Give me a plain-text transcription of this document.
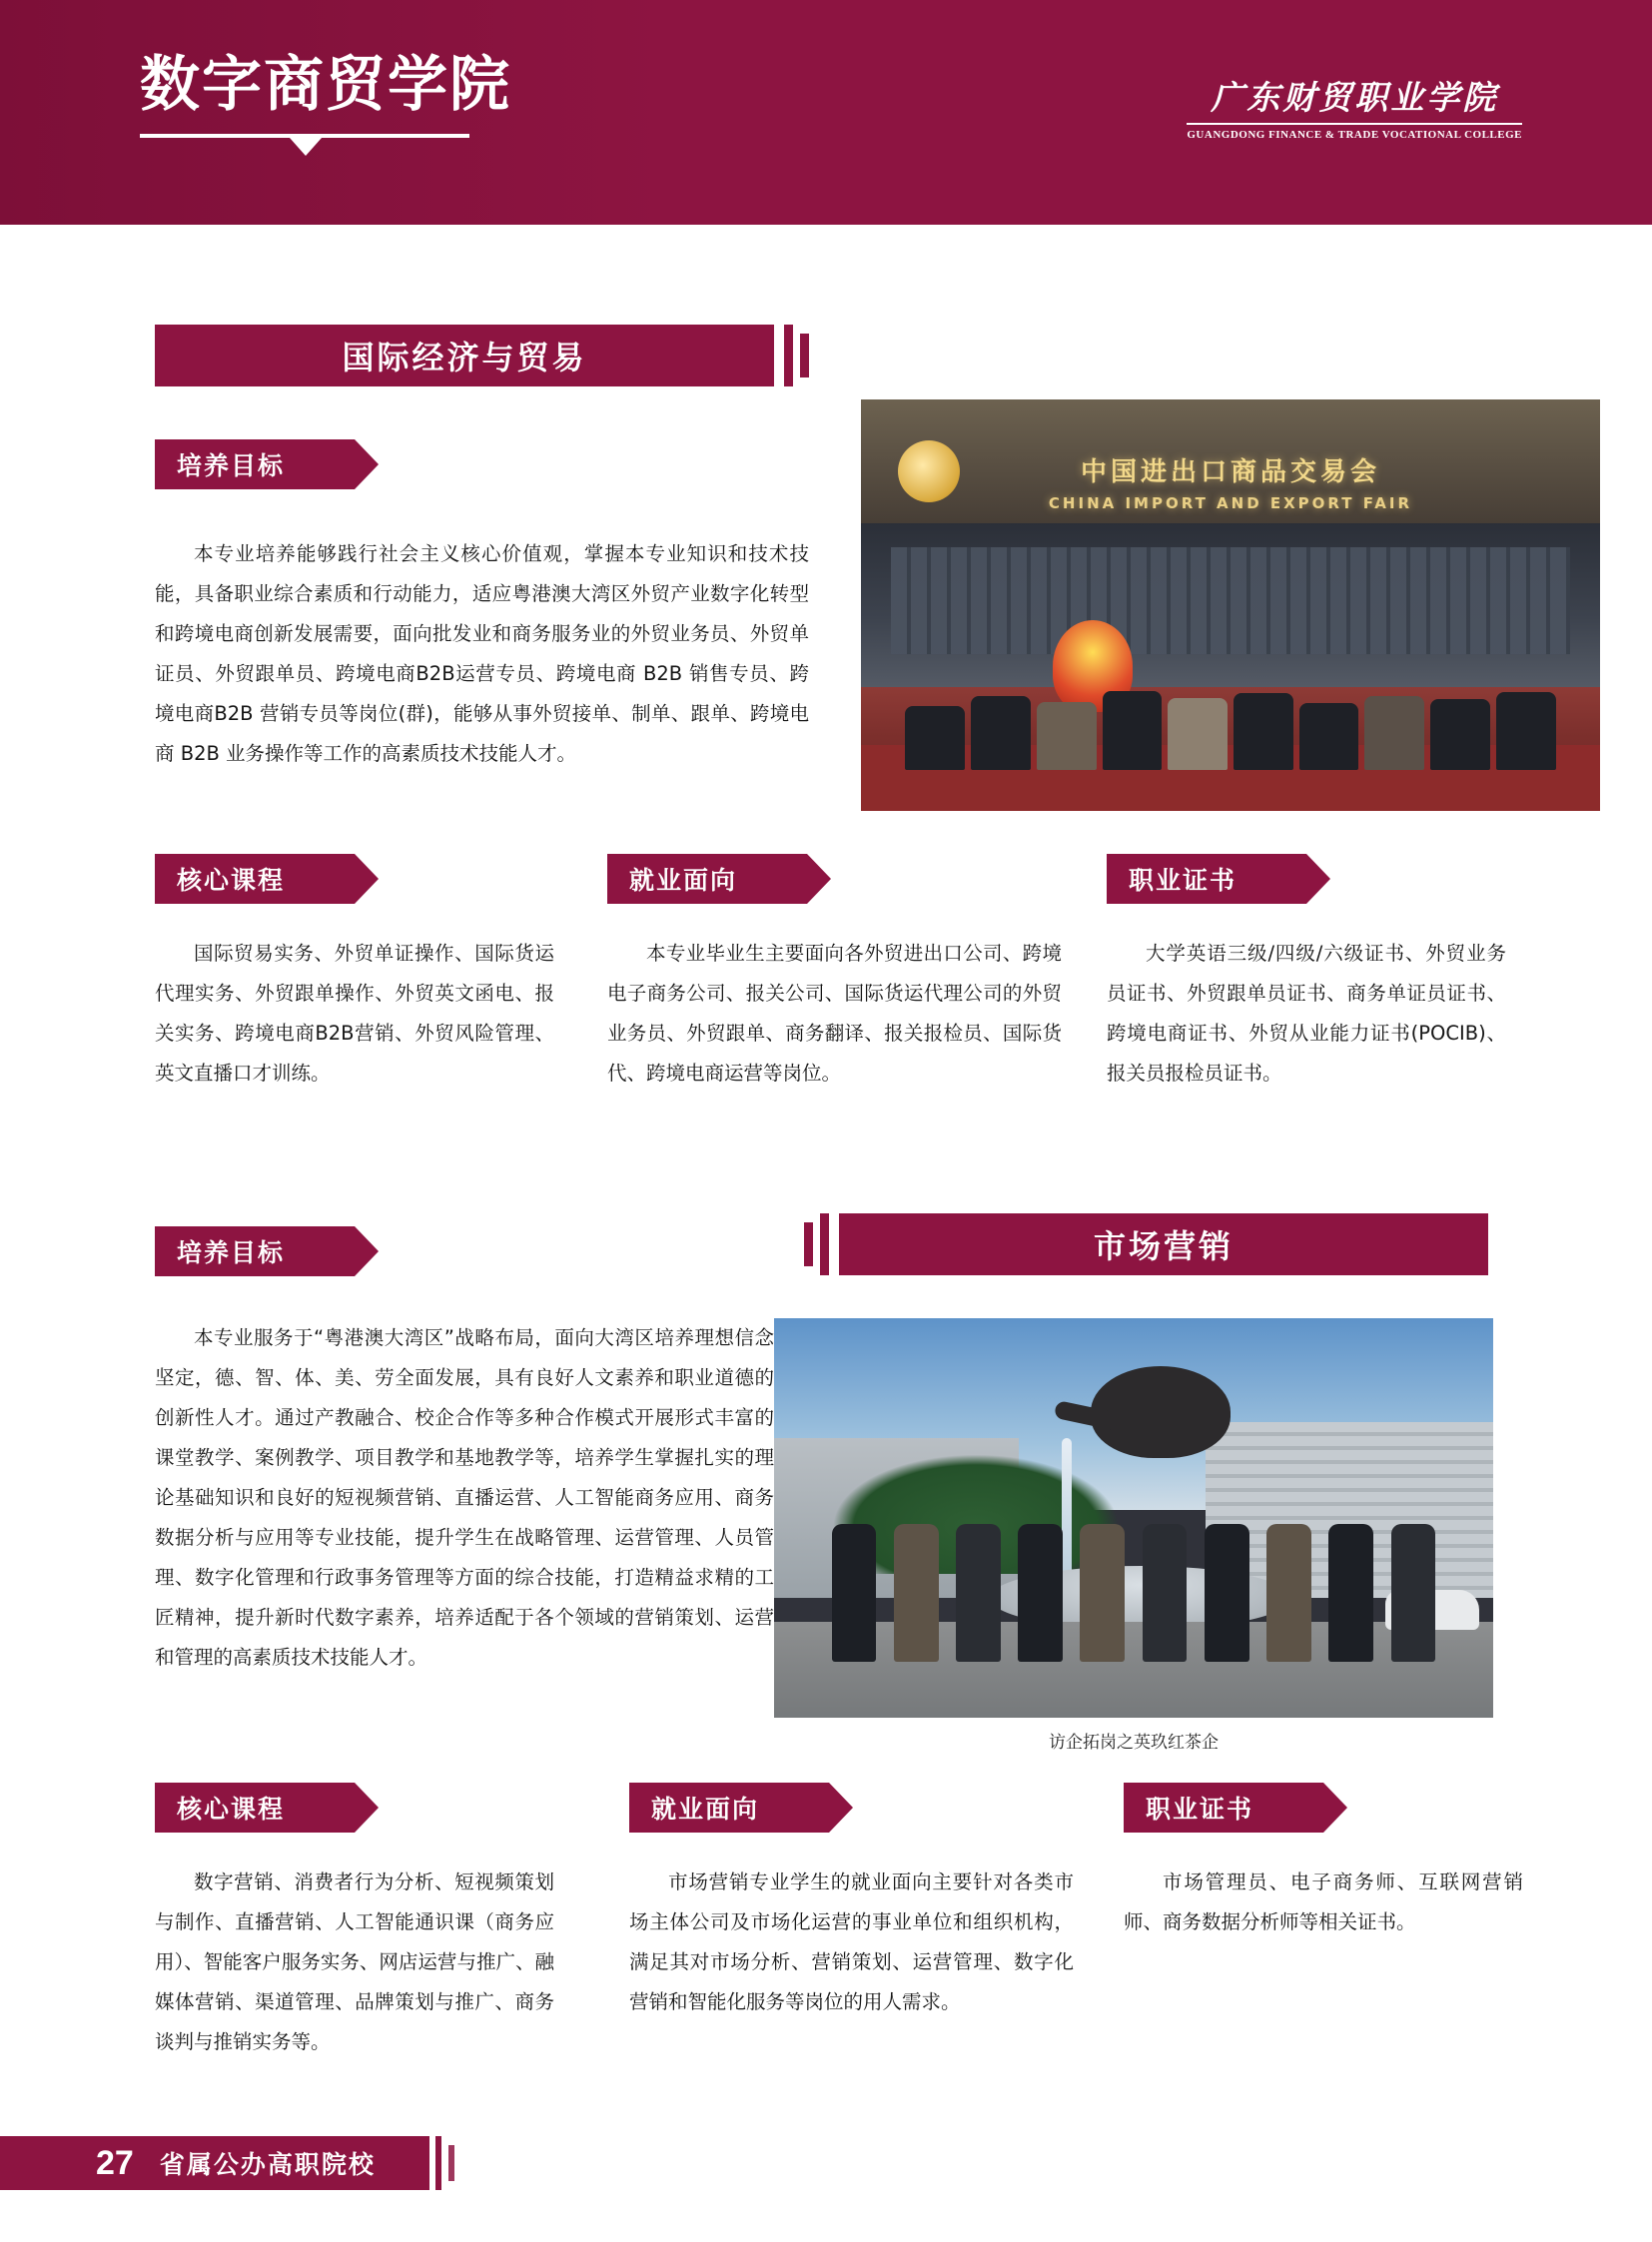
数字商贸学院	广东财贸职业学院
GUANGDONG FINANCE & TRADE VOCATIONAL COLLEGE
国际经济与贸易
培养目标
本专业培养能够践行社会主义核心价值观，掌握本专业知识和技术技能，具备职业综合素质和行动能力，适应粤港澳大湾区外贸产业数字化转型和跨境电商创新发展需要，面向批发业和商务服务业的外贸业务员、外贸单证员、外贸跟单员、跨境电商B2B运营专员、跨境电商 B2B 销售专员、跨境电商B2B 营销专员等岗位(群)，能够从事外贸接单、制单、跟单、跨境电商 B2B 业务操作等工作的高素质技术技能人才。
中国进出口商品交易会
CHINA IMPORT AND EXPORT FAIR
核心课程
国际贸易实务、外贸单证操作、国际货运代理实务、外贸跟单操作、外贸英文函电、报关实务、跨境电商B2B营销、外贸风险管理、英文直播口才训练。
就业面向
本专业毕业生主要面向各外贸进出口公司、跨境电子商务公司、报关公司、国际货运代理公司的外贸业务员、外贸跟单、商务翻译、报关报检员、国际货代、跨境电商运营等岗位。
职业证书
大学英语三级/四级/六级证书、外贸业务员证书、外贸跟单员证书、商务单证员证书、跨境电商证书、外贸从业能力证书(POCIB)、报关员报检员证书。
市场营销
培养目标
本专业服务于“粤港澳大湾区”战略布局，面向大湾区培养理想信念坚定，德、智、体、美、劳全面发展，具有良好人文素养和职业道德的创新性人才。通过产教融合、校企合作等多种合作模式开展形式丰富的课堂教学、案例教学、项目教学和基地教学等，培养学生掌握扎实的理论基础知识和良好的短视频营销、直播运营、人工智能商务应用、商务数据分析与应用等专业技能，提升学生在战略管理、运营管理、人员管理、数字化管理和行政事务管理等方面的综合技能，打造精益求精的工匠精神，提升新时代数字素养，培养适配于各个领域的营销策划、运营和管理的高素质技术技能人才。
访企拓岗之英玖红茶企
核心课程
数字营销、消费者行为分析、短视频策划与制作、直播营销、人工智能通识课（商务应用）、智能客户服务实务、网店运营与推广、融媒体营销、渠道管理、品牌策划与推广、商务谈判与推销实务等。
就业面向
市场营销专业学生的就业面向主要针对各类市场主体公司及市场化运营的事业单位和组织机构，满足其对市场分析、营销策划、运营管理、数字化营销和智能化服务等岗位的用人需求。
职业证书
市场管理员、电子商务师、互联网营销师、商务数据分析师等相关证书。
27 省属公办高职院校
